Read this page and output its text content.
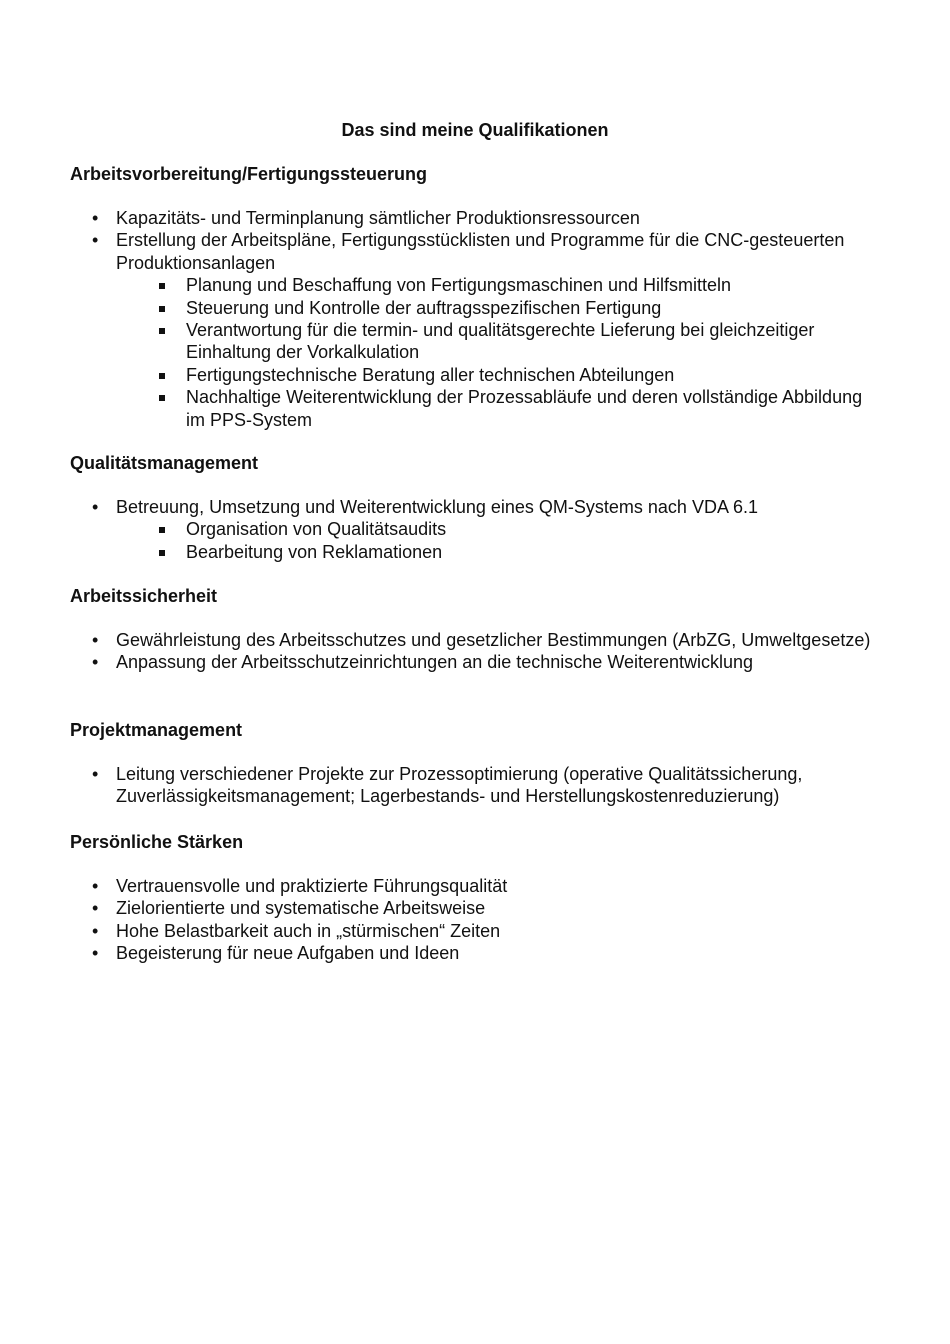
Das sind meine Qualifikationen
Arbeitsvorbereitung/Fertigungssteuerung
• Kapazitäts- und Terminplanung sämtlicher Produktionsressourcen
• Erstellung der Arbeitspläne, Fertigungsstücklisten und Programme für die CNC-gesteuerten Produktionsanlagen
Planung und Beschaffung von Fertigungsmaschinen und Hilfsmitteln
Steuerung und Kontrolle der auftragsspezifischen Fertigung
Verantwortung für die termin- und qualitätsgerechte Lieferung bei gleichzeitiger Einhaltung der Vorkalkulation
Fertigungstechnische Beratung aller technischen Abteilungen
Nachhaltige Weiterentwicklung der Prozessabläufe und deren vollständige Abbildung im PPS-System
Qualitätsmanagement
• Betreuung, Umsetzung und Weiterentwicklung eines QM-Systems nach VDA 6.1
Organisation von Qualitätsaudits
Bearbeitung von Reklamationen
Arbeitssicherheit
• Gewährleistung des Arbeitsschutzes und gesetzlicher Bestimmungen (ArbZG, Umweltgesetze)
• Anpassung der Arbeitsschutzeinrichtungen an die technische Weiterentwicklung
Projektmanagement
• Leitung verschiedener Projekte zur Prozessoptimierung (operative Qualitätssicherung, Zuverlässigkeitsmanagement; Lagerbestands- und Herstellungskostenreduzierung)
Persönliche Stärken
• Vertrauensvolle und praktizierte Führungsqualität
• Zielorientierte und systematische Arbeitsweise
• Hohe Belastbarkeit auch in „stürmischen“ Zeiten
• Begeisterung für neue Aufgaben und Ideen
